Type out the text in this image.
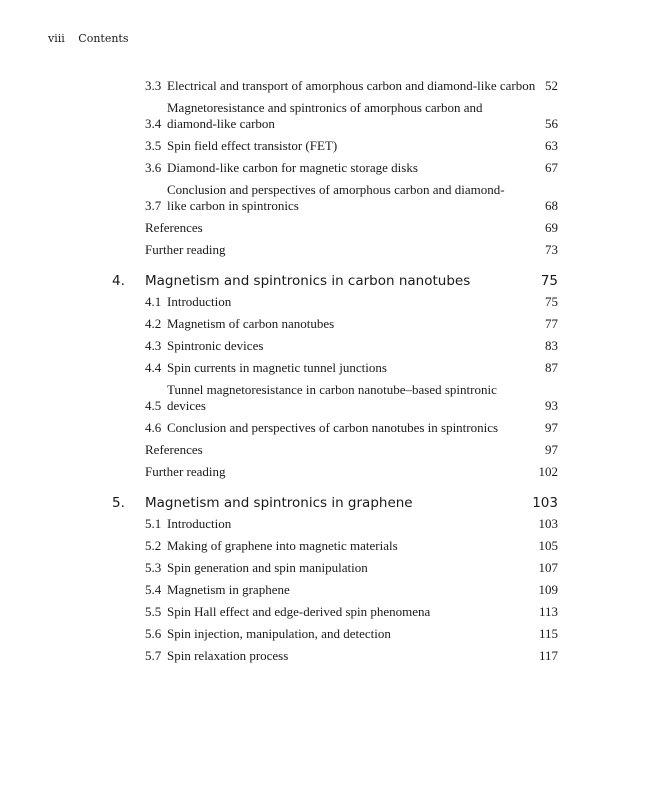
viii Contents
3.3 Electrical and transport of amorphous carbon and diamond-like carbon 52
3.4
Magnetoresistance and spintronics of amorphous carbon and diamond-like carbon	56
3.5 Spin field effect transistor (FET)	63
3.6 Diamond-like carbon for magnetic storage disks	67
3.7
Conclusion and perspectives of amorphous carbon and diamond-like carbon in spintronics	68
References	69
Further reading	73
4.	Magnetism and spintronics in carbon nanotubes	75
4.1 Introduction	75
4.2 Magnetism of carbon nanotubes	77
4.3 Spintronic devices	83
4.4 Spin currents in magnetic tunnel junctions	87
4.5
Tunnel magnetoresistance in carbon nanotube–based spintronic devices	93
4.6 Conclusion and perspectives of carbon nanotubes in spintronics	97
References	97
Further reading	102
5.	Magnetism and spintronics in graphene	103
5.1 Introduction	103
5.2 Making of graphene into magnetic materials	105
5.3 Spin generation and spin manipulation	107
5.4 Magnetism in graphene	109
5.5 Spin Hall effect and edge-derived spin phenomena	113
5.6 Spin injection, manipulation, and detection	115
5.7 Spin relaxation process	117
